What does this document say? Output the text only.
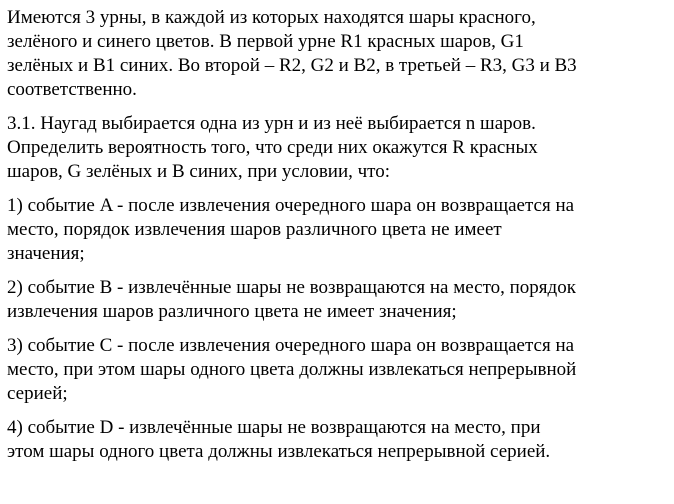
Имеются 3 урны, в каждой из которых находятся шары красного,
зелёного и синего цветов. В первой урне R1 красных шаров, G1
зелёных и B1 синих. Во второй – R2, G2 и B2, в третьей – R3, G3 и B3
соответственно.

3.1. Наугад выбирается одна из урн и из неё выбирается n шаров.
Определить вероятность того, что среди них окажутся R красных
шаров, G зелёных и B синих, при условии, что:

1) событие A - после извлечения очередного шара он возвращается на
место, порядок извлечения шаров различного цвета не имеет
значения;

2) событие B - извлечённые шары не возвращаются на место, порядок
извлечения шаров различного цвета не имеет значения;

3) событие C - после извлечения очередного шара он возвращается на
место, при этом шары одного цвета должны извлекаться непрерывной
серией;

4) событие D - извлечённые шары не возвращаются на место, при
этом шары одного цвета должны извлекаться непрерывной серией.
